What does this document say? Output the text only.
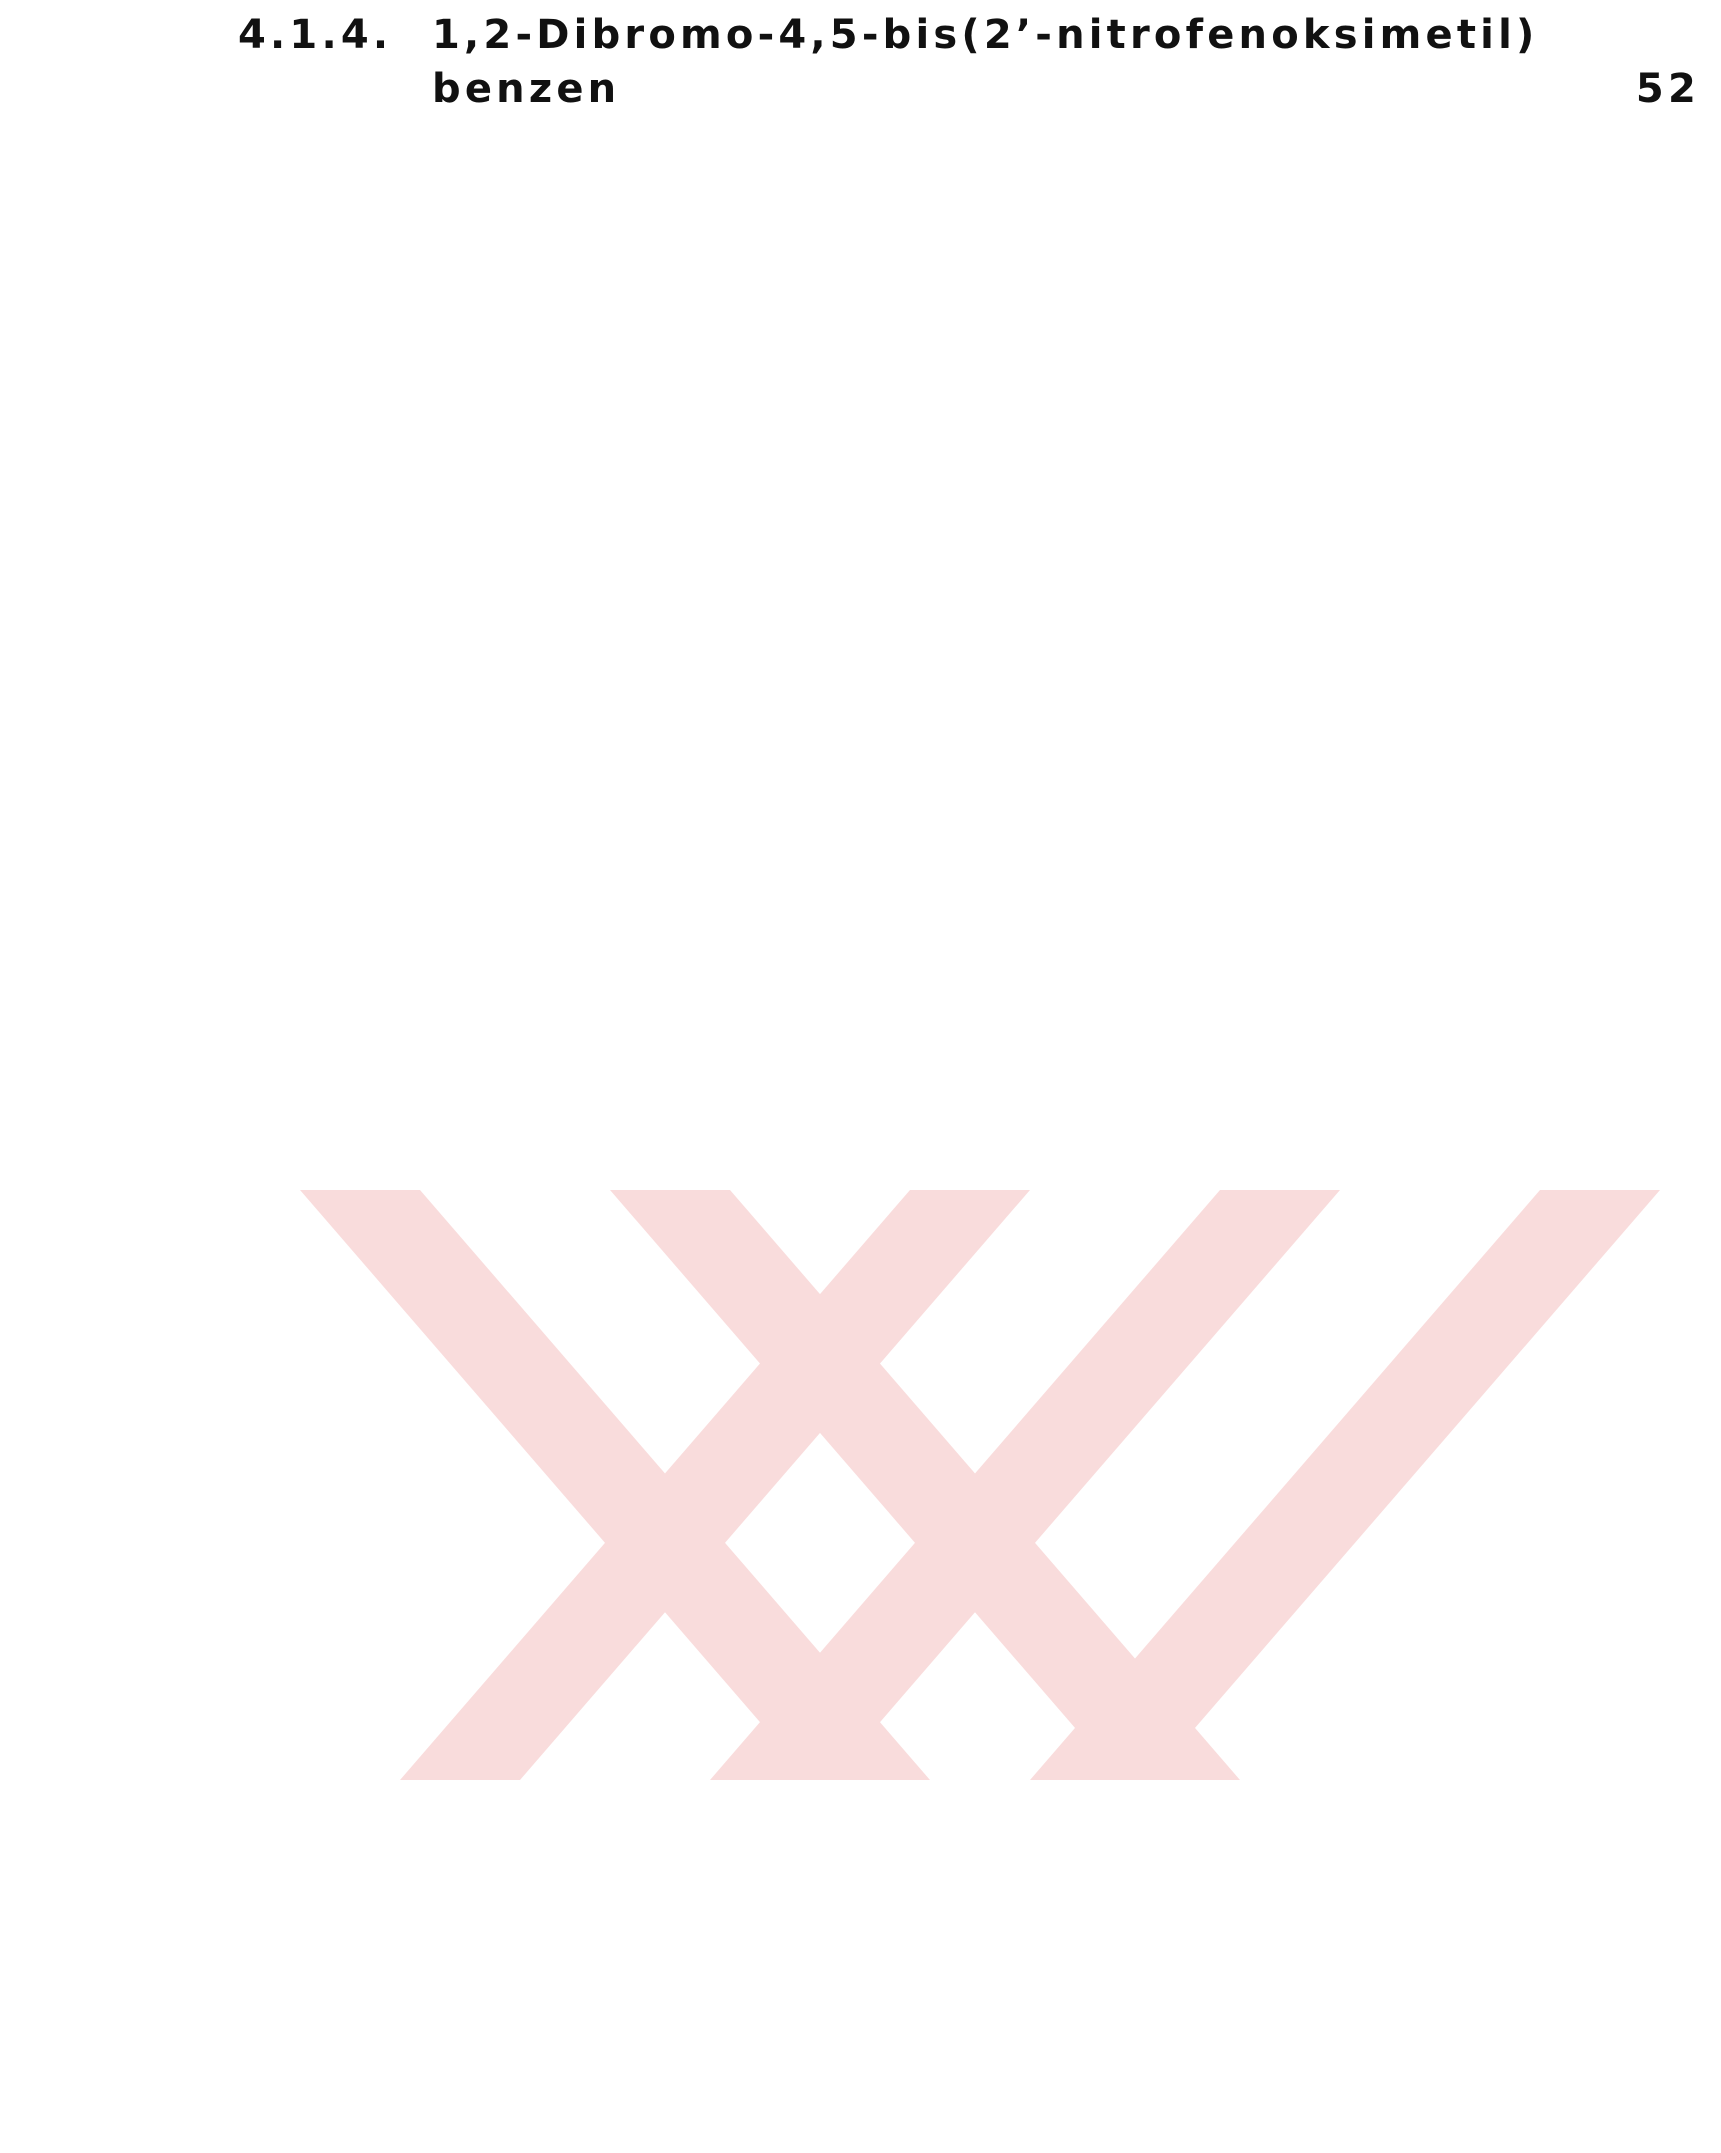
4.1.4. 1,2-Dibromo-4,5-bis(2’-nitrofenoksimetil)
benzen	52
